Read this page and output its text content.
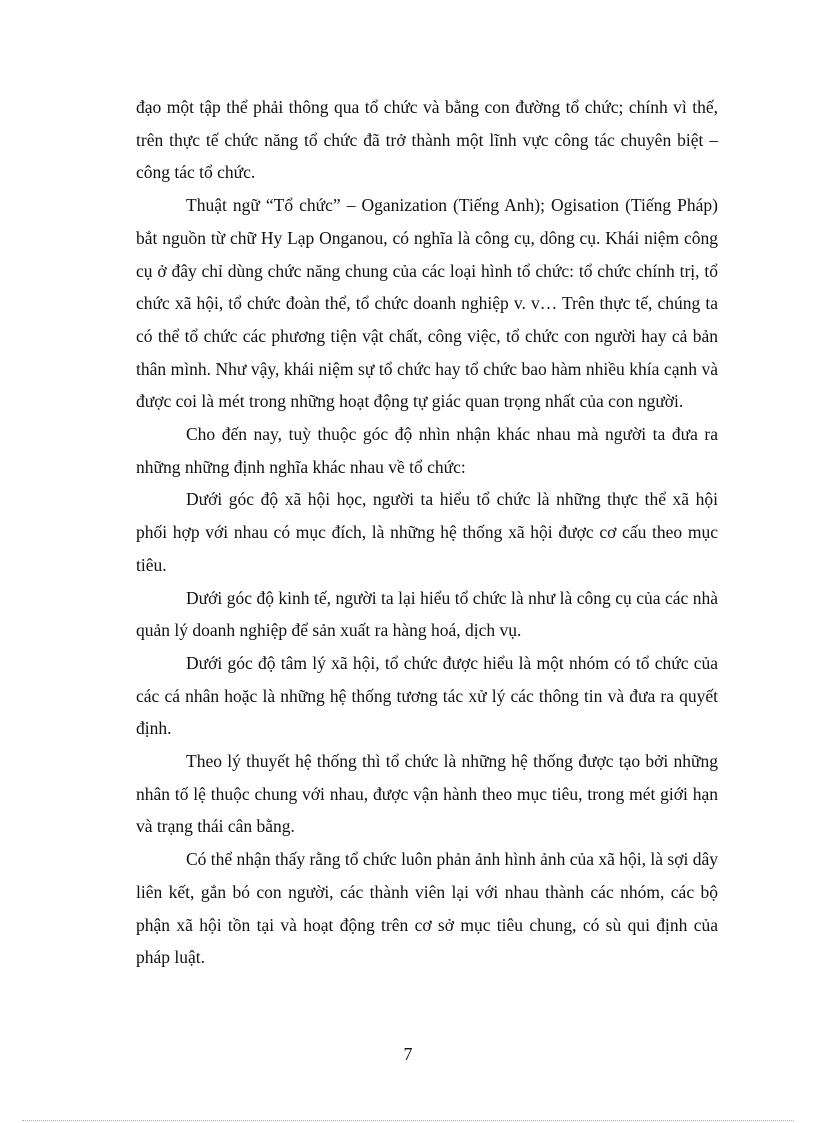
đạo một tập thể phải thông qua tổ chức và bằng con đường tổ chức; chính vì thế, trên thực tế chức năng tổ chức đã trở thành một lĩnh vực công tác chuyên biệt – công tác tổ chức.

Thuật ngữ “Tổ chức” – Oganization (Tiếng Anh); Ogisation (Tiếng Pháp) bắt nguồn từ chữ Hy Lạp Onganou, có nghĩa là công cụ, dông cụ. Khái niệm công cụ ở đây chỉ dùng chức năng chung của các loại hình tổ chức: tổ chức chính trị, tổ chức xã hội, tổ chức đoàn thể, tổ chức doanh nghiệp v. v… Trên thực tế, chúng ta có thể tổ chức các phương tiện vật chất, công việc, tổ chức con người hay cả bản thân mình. Như vậy, khái niệm sự tổ chức hay tổ chức bao hàm nhiều khía cạnh và được coi là mét trong những hoạt động tự giác quan trọng nhất của con người.

Cho đến nay, tuỳ thuộc góc độ nhìn nhận khác nhau mà người ta đưa ra những những định nghĩa khác nhau về tổ chức:

Dưới góc độ xã hội học, người ta hiểu tổ chức là những thực thể xã hội phối hợp với nhau có mục đích, là những hệ thống xã hội được cơ cấu theo mục tiêu.

Dưới góc độ kinh tế, người ta lại hiểu tổ chức là như là công cụ của các nhà quản lý doanh nghiệp để sản xuất ra hàng hoá, dịch vụ.

Dưới góc độ tâm lý xã hội, tổ chức được hiểu là một nhóm có tổ chức của các cá nhân hoặc là những hệ thống tương tác xử lý các thông tin và đưa ra quyết định.

Theo lý thuyết hệ thống thì tổ chức là những hệ thống được tạo bởi những nhân tố lệ thuộc chung với nhau, được vận hành theo mục tiêu, trong mét giới hạn và trạng thái cân bằng.

Có thể nhận thấy rằng tổ chức luôn phản ảnh hình ảnh của xã hội, là sợi dây liên kết, gắn bó con người, các thành viên lại với nhau thành các nhóm, các bộ phận xã hội tồn tại và hoạt động trên cơ sở mục tiêu chung, có sù qui định của pháp luật.

7
